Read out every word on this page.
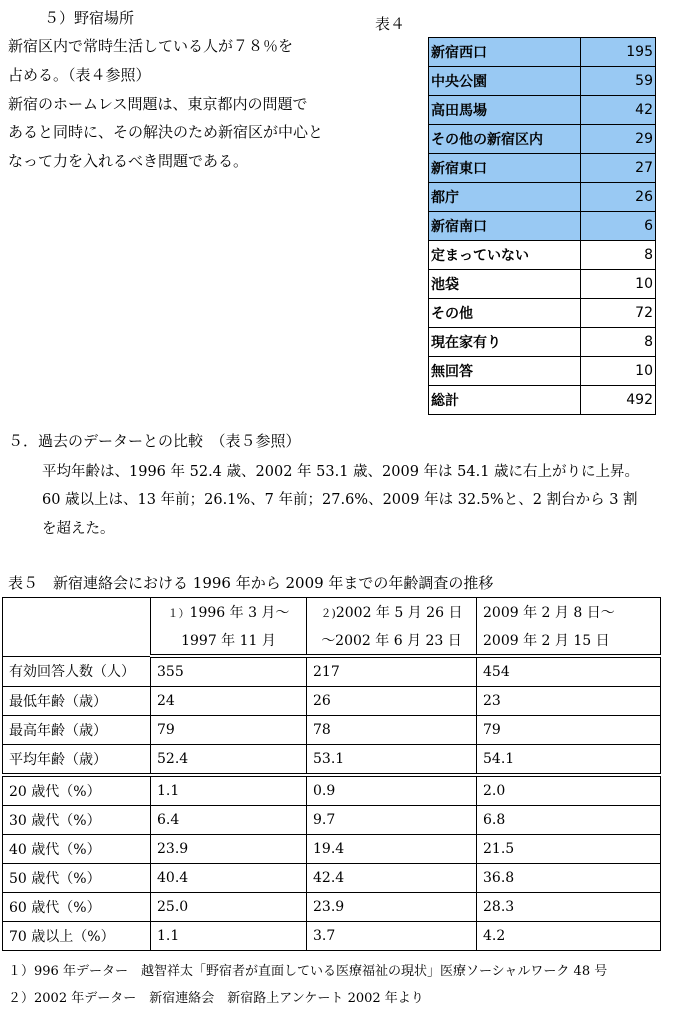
５）野宿場所
新宿区内で常時生活している人が７８％を
占める。（表４参照）
新宿のホームレス問題は、東京都内の問題で
あると同時に、その解決のため新宿区が中心と
なって力を入れるべき問題である。
表４
新宿西口	195
中央公園	59
高田馬場	42
その他の新宿区内	29
新宿東口	27
都庁	26
新宿南口	6
定まっていない	8
池袋	10
その他	72
現在家有り	8
無回答	10
総計	492
５．過去のデーターとの比較　（表５参照）
平均年齢は、1996 年 52.4 歳、2002 年 53.1 歳、2009 年は 54.1 歳に右上がりに上昇。
60 歳以上は、13 年前；26.1%、7 年前；27.6%、2009 年は 32.5%と、2 割台から 3 割
を超えた。
表５　新宿連絡会における 1996 年から 2009 年までの年齢調査の推移
	１）1996 年 3 月～	２)2002 年 5 月 26 日	2009 年 2 月 8 日～
	1997 年 11 月	～2002 年 6 月 23 日	2009 年 2 月 15 日
有効回答人数（人）	355	217	454
最低年齢（歳）	24	26	23
最高年齢（歳）	79	78	79
平均年齢（歳）	52.4	53.1	54.1
20 歳代（%）	1.1	0.9	2.0
30 歳代（%）	6.4	9.7	6.8
40 歳代（%）	23.9	19.4	21.5
50 歳代（%）	40.4	42.4	36.8
60 歳代（%）	25.0	23.9	28.3
70 歳以上（%）	1.1	3.7	4.2
１）996 年データー　越智祥太「野宿者が直面している医療福祉の現状」医療ソーシャルワーク 48 号
２）2002 年データー　新宿連絡会　新宿路上アンケート 2002 年より
